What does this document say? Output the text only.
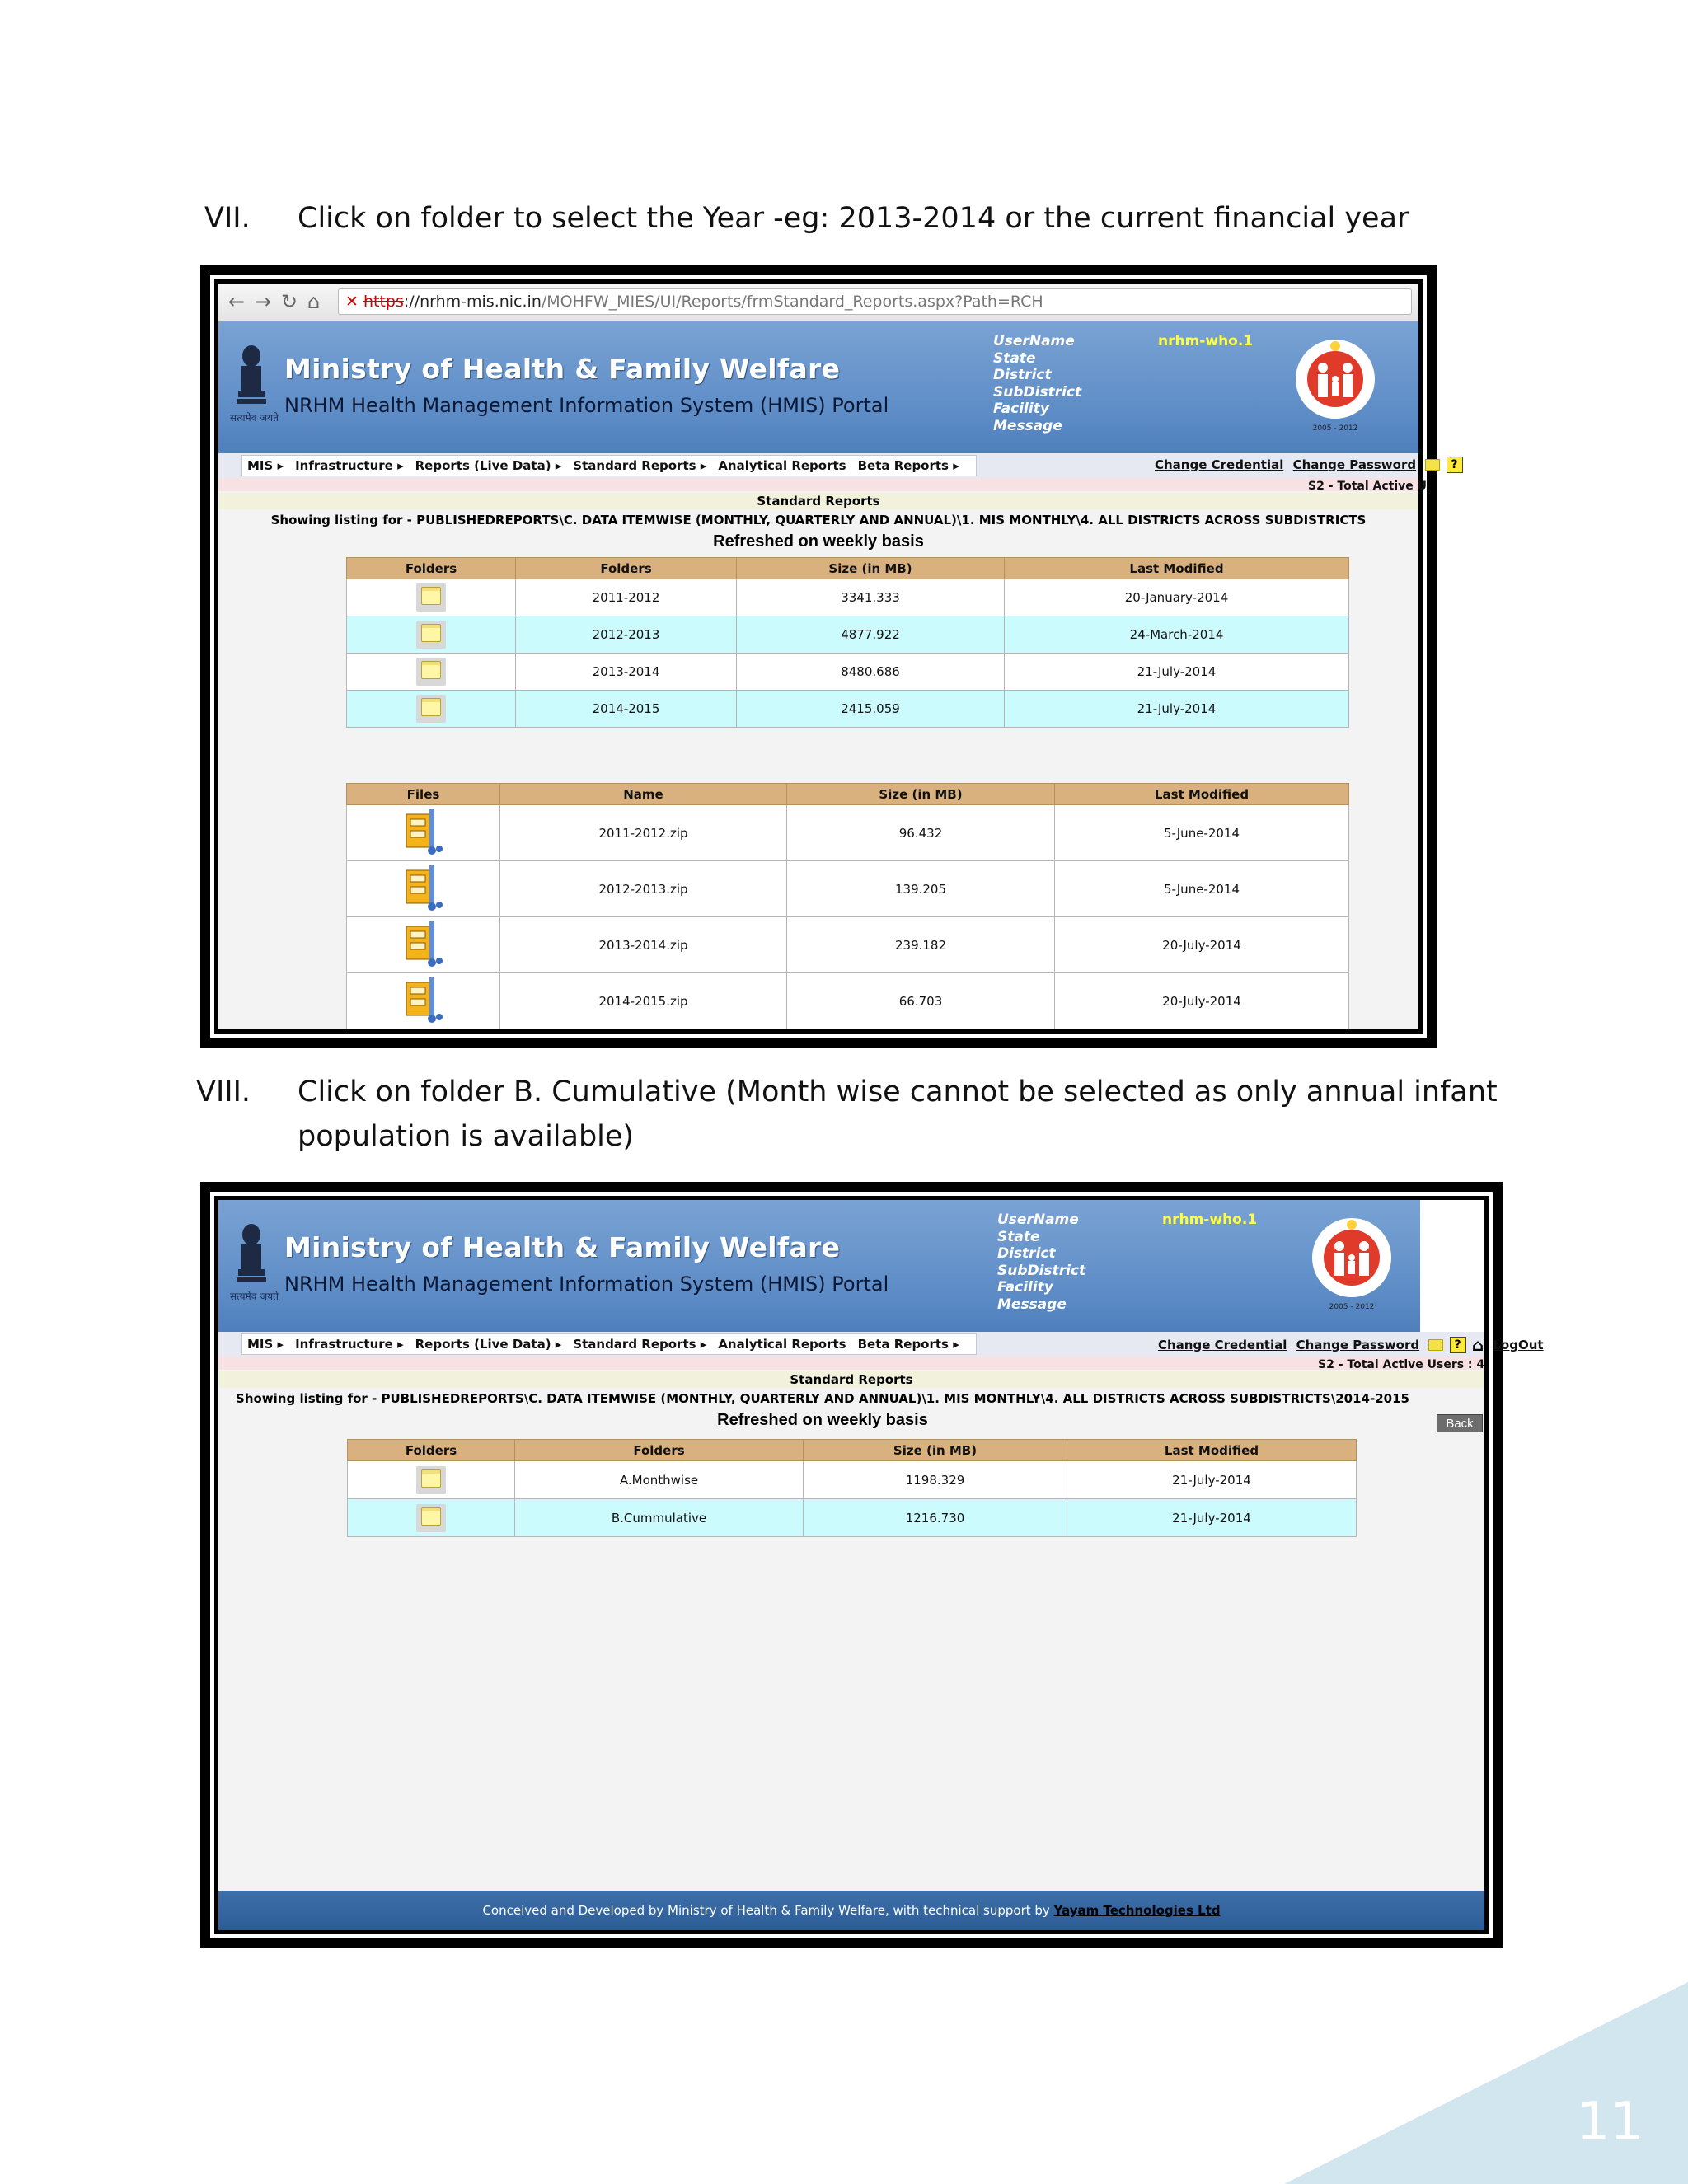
VII. Click on folder to select the Year -eg: 2013-2014 or the current financial year
← → ↻ ⌂	✕ https://nrhm-mis.nic.in/MOHFW_MIES/UI/Reports/frmStandard_Reports.aspx?Path=RCH
सत्यमेव जयते
Ministry of Health & Family Welfare
NRHM Health Management Information System (HMIS) Portal
UserName
State
District
SubDistrict
Facility
Message
nrhm-who.1
2005 - 2012
MIS ▸ Infrastructure ▸ Reports (Live Data) ▸ Standard Reports ▸ Analytical Reports Beta Reports ▸	Change Credential Change Password	?
S2 - Total Active U
Standard Reports
Showing listing for - PUBLISHEDREPORTS\C. DATA ITEMWISE (MONTHLY, QUARTERLY AND ANNUAL)\1. MIS MONTHLY\4. ALL DISTRICTS ACROSS SUBDISTRICTS
Refreshed on weekly basis
Folders	Folders	Size (in MB)	Last Modified
	2011-2012	3341.333	20-January-2014
	2012-2013	4877.922	24-March-2014
	2013-2014	8480.686	21-July-2014
	2014-2015	2415.059	21-July-2014
Files	Name	Size (in MB)	Last Modified
	2011-2012.zip	96.432	5-June-2014
	2012-2013.zip	139.205	5-June-2014
	2013-2014.zip	239.182	20-July-2014
	2014-2015.zip	66.703	20-July-2014
VIII. Click on folder B. Cumulative (Month wise cannot be selected as only annual infant
population is available)
सत्यमेव जयते
Ministry of Health & Family Welfare
NRHM Health Management Information System (HMIS) Portal
UserName
State
District
SubDistrict
Facility
Message
nrhm-who.1
2005 - 2012
MIS ▸ Infrastructure ▸ Reports (Live Data) ▸ Standard Reports ▸ Analytical Reports Beta Reports ▸	Change Credential Change Password	? ⌂ LogOut
S2 - Total Active Users : 4
Standard Reports
Showing listing for - PUBLISHEDREPORTS\C. DATA ITEMWISE (MONTHLY, QUARTERLY AND ANNUAL)\1. MIS MONTHLY\4. ALL DISTRICTS ACROSS SUBDISTRICTS\2014-2015
Refreshed on weekly basis	Back
Folders	Folders	Size (in MB)	Last Modified
	A.Monthwise	1198.329	21-July-2014
	B.Cummulative	1216.730	21-July-2014
Conceived and Developed by Ministry of Health & Family Welfare, with technical support by Yayam Technologies Ltd
11
